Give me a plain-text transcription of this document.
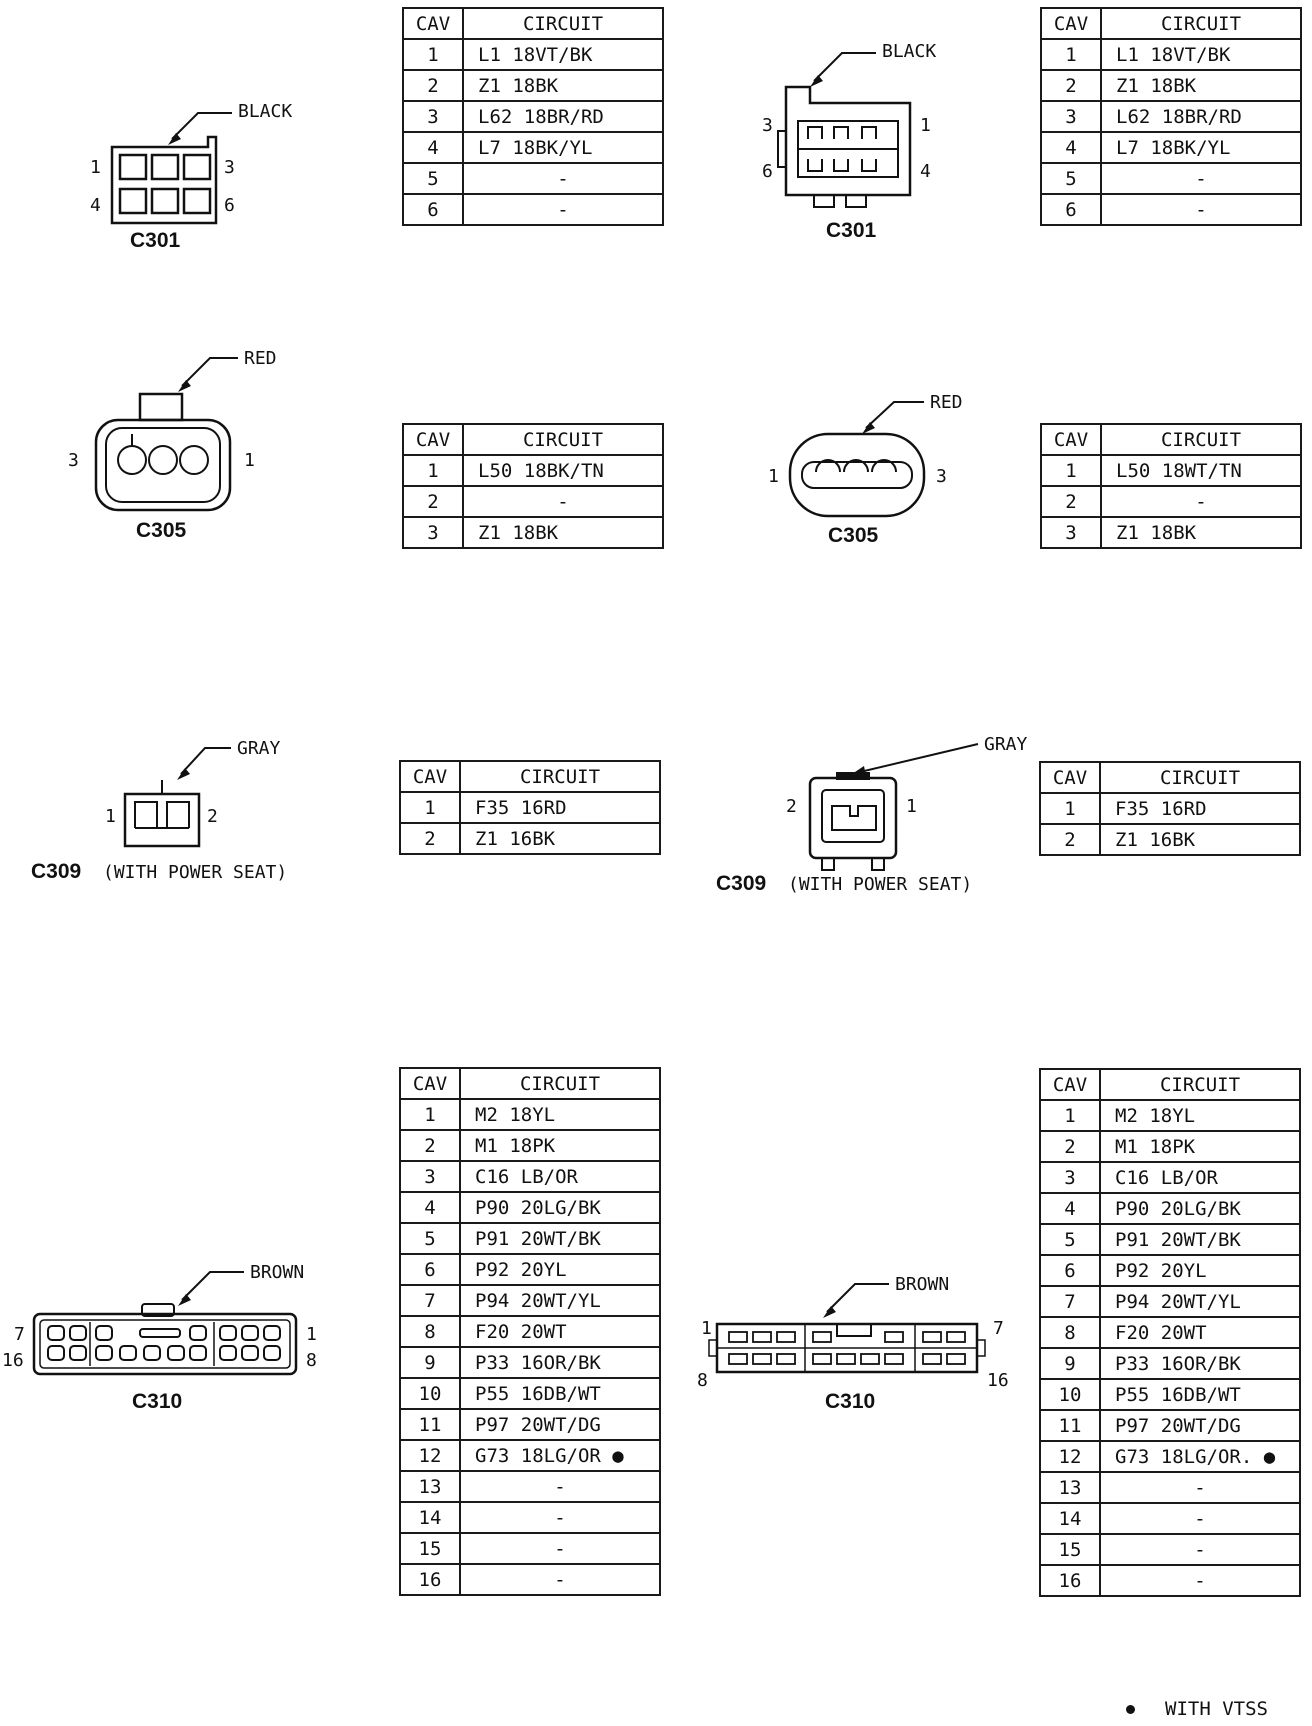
BLACK
1	3
4	6
C301
CAV	CIRCUIT
1	L1 18VT/BK
2	Z1 18BK
3	L62 18BR/RD
4	L7 18BK/YL
5	-
6	-
BLACK
3	1
6	4
C301
CAV	CIRCUIT
1	L1 18VT/BK
2	Z1 18BK
3	L62 18BR/RD
4	L7 18BK/YL
5	-
6	-
RED
3	1
C305
CAV	CIRCUIT
1	L50 18BK/TN
2	-
3	Z1 18BK
RED
1	3
C305
CAV	CIRCUIT
1	L50 18WT/TN
2	-
3	Z1 18BK
GRAY
1	2
C309 (WITH POWER SEAT)
CAV	CIRCUIT
1	F35 16RD
2	Z1 16BK
GRAY
2	1
C309 (WITH POWER SEAT)
CAV	CIRCUIT
1	F35 16RD
2	Z1 16BK
BROWN
7	1
16	8
C310
CAV	CIRCUIT
1	M2 18YL
2	M1 18PK
3	C16 LB/OR
4	P90 20LG/BK
5	P91 20WT/BK
6	P92 20YL
7	P94 20WT/YL
8	F20 20WT
9	P33 16OR/BK
10	P55 16DB/WT
11	P97 20WT/DG
12	G73 18LG/OR ●
13	-
14	-
15	-
16	-
BROWN
1	7
8	16
C310
CAV	CIRCUIT
1	M2 18YL
2	M1 18PK
3	C16 LB/OR
4	P90 20LG/BK
5	P91 20WT/BK
6	P92 20YL
7	P94 20WT/YL
8	F20 20WT
9	P33 16OR/BK
10	P55 16DB/WT
11	P97 20WT/DG
12	G73 18LG/OR. ●
13	-
14	-
15	-
16	-
WITH VTSS
